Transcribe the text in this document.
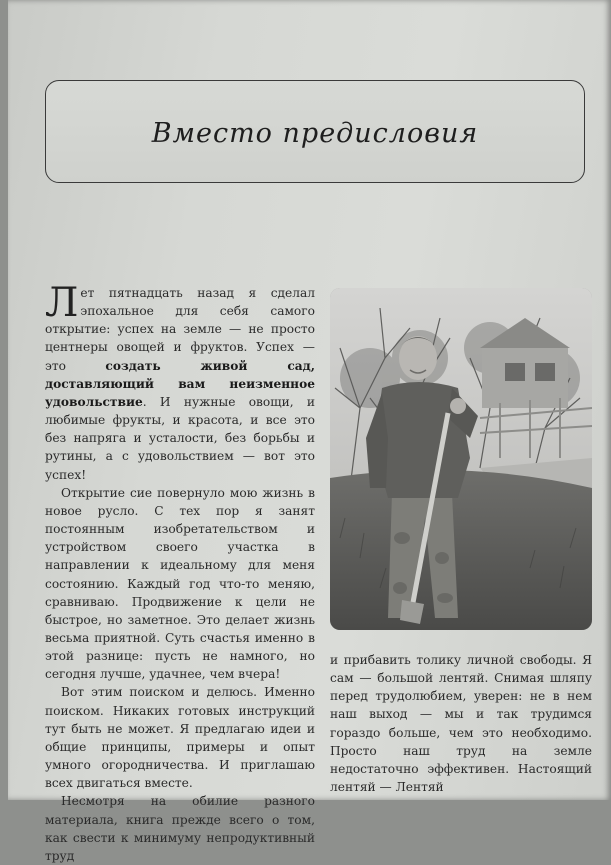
Вместо предисловия

Лет пятнадцать назад я сделал эпохальное для себя самого открытие: успех на земле — не просто центнеры овощей и фруктов. Успех — это создать живой сад, доставляющий вам неизменное удовольствие. И нужные овощи, и любимые фрукты, и красота, и все это без напряга и усталости, без борьбы и рутины, а с удовольствием — вот это успех!

Открытие сие повернуло мою жизнь в новое русло. С тех пор я занят постоянным изобретательством и устройством своего участка в направлении к идеальному для меня состоянию. Каждый год что-то меняю, сравниваю. Продвижение к цели не быстрое, но заметное. Это делает жизнь весьма приятной. Суть счастья именно в этой разнице: пусть не намного, но сегодня лучше, удачнее, чем вчера!

Вот этим поиском и делюсь. Именно поиском. Никаких готовых инструкций тут быть не может. Я предлагаю идеи и общие принципы, примеры и опыт умного огородничества. И приглашаю всех двигаться вместе.

Несмотря на обилие разного материала, книга прежде всего о том, как свести к минимуму непродуктивный труд

и прибавить толику личной свободы. Я сам — большой лентяй. Снимая шляпу перед трудолюбием, уверен: не в нем наш выход — мы и так трудимся гораздо больше, чем это необходимо. Просто наш труд на земле недостаточно эффективен. Настоящий лентяй — Лентяй
